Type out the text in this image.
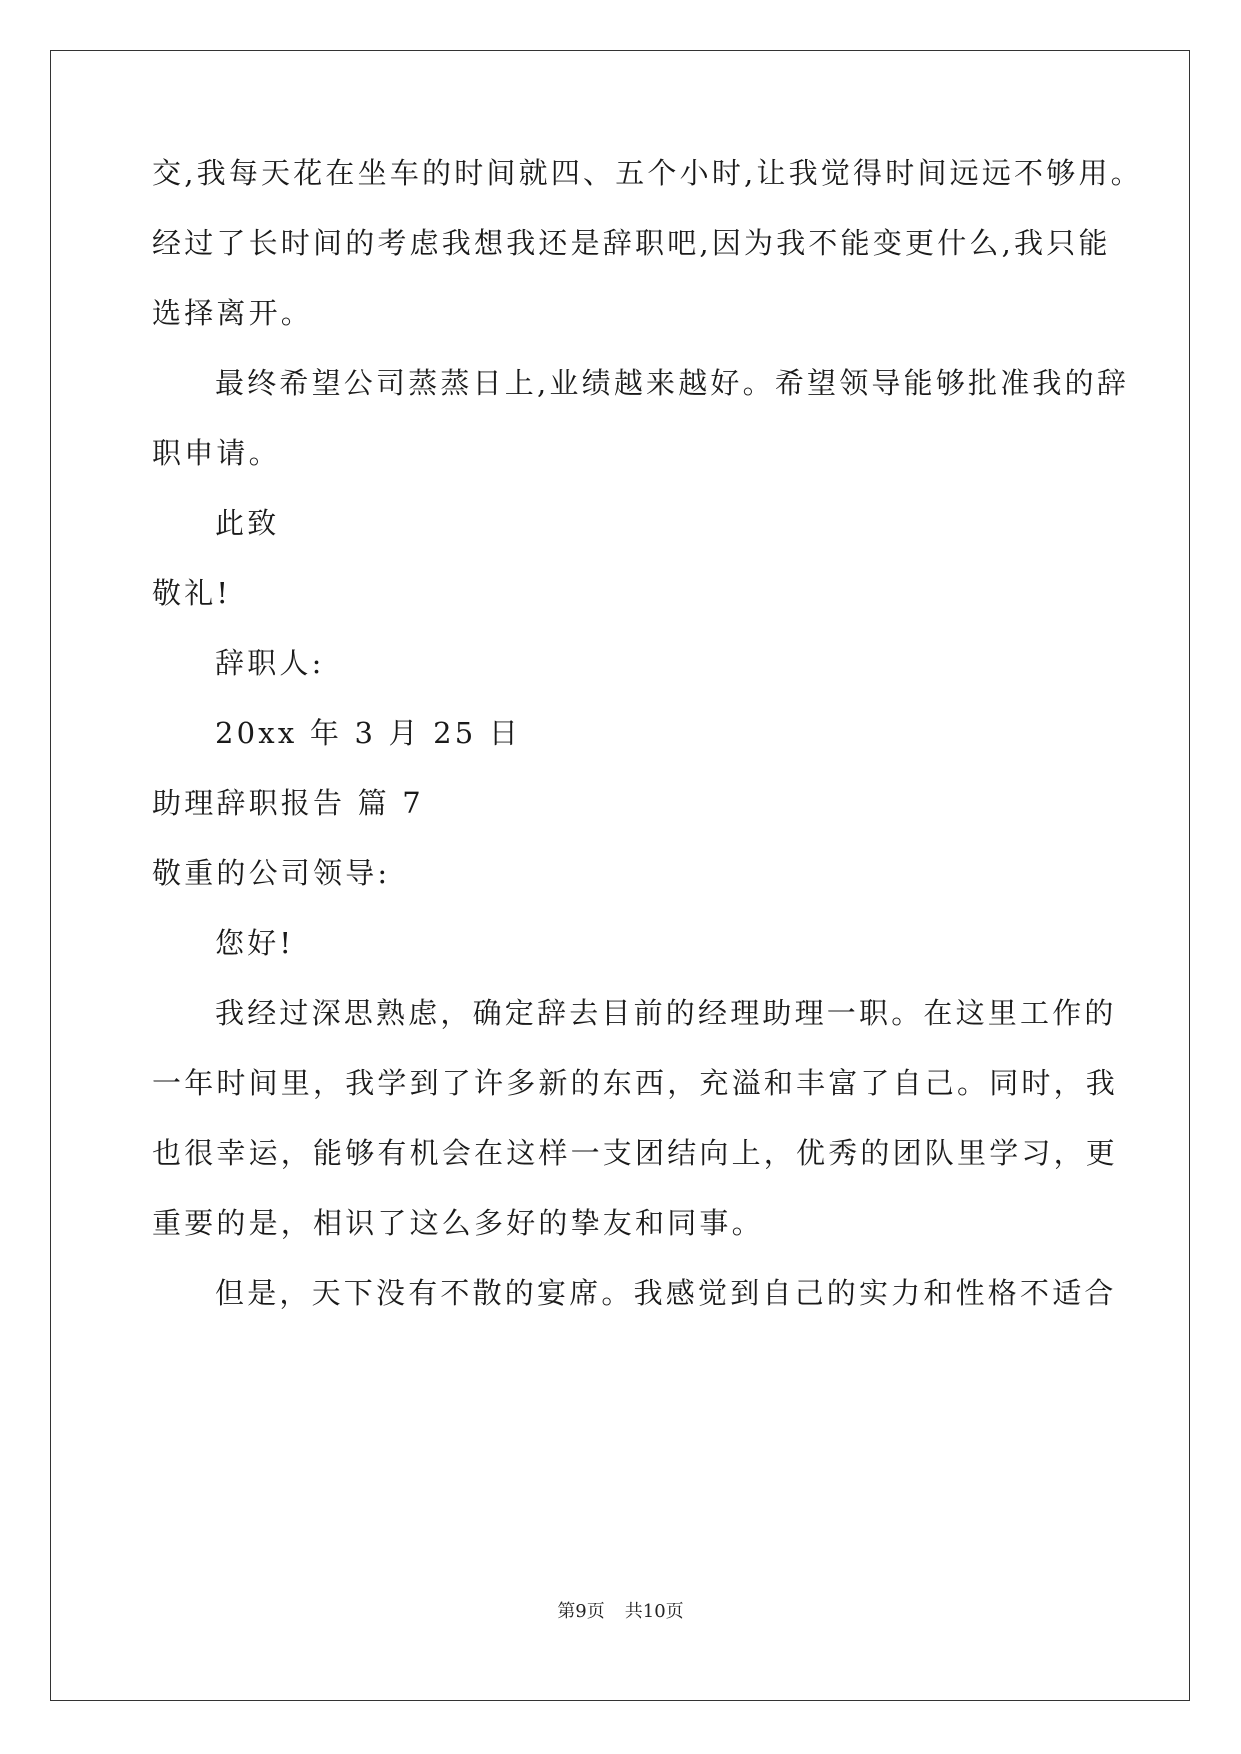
交,我每天花在坐车的时间就四、五个小时,让我觉得时间远远不够用。
经过了长时间的考虑我想我还是辞职吧,因为我不能变更什么,我只能
选择离开。
最终希望公司蒸蒸日上,业绩越来越好。希望领导能够批准我的辞
职申请。
此致
敬礼!
辞职人:
20xx 年 3 月 25 日
助理辞职报告 篇 7
敬重的公司领导:
您好!
我经过深思熟虑，确定辞去目前的经理助理一职。在这里工作的
一年时间里，我学到了许多新的东西，充溢和丰富了自己。同时，我
也很幸运，能够有机会在这样一支团结向上，优秀的团队里学习，更
重要的是，相识了这么多好的挚友和同事。
但是，天下没有不散的宴席。我感觉到自己的实力和性格不适合
第9页 共10页
